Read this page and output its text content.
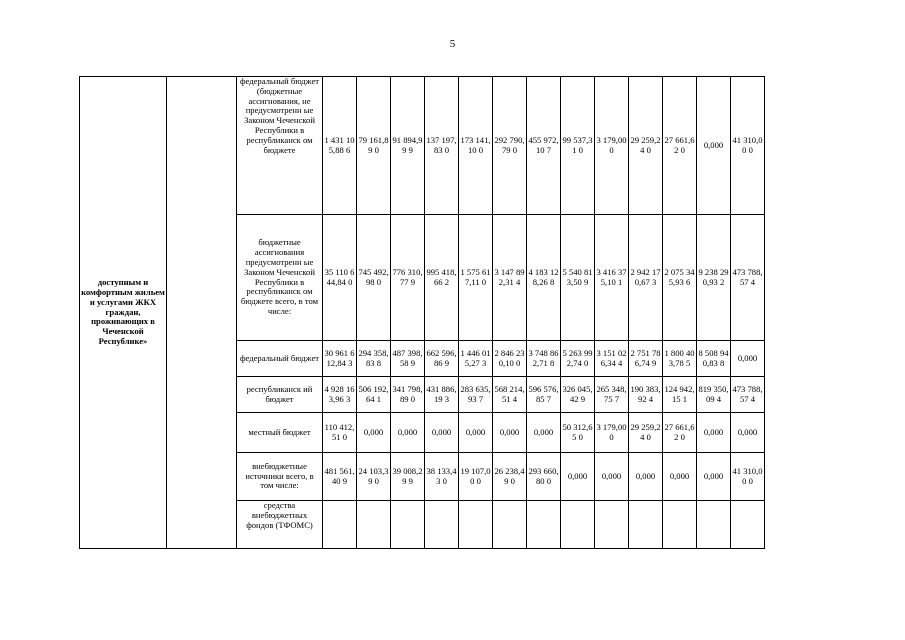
5
доступным и комфортным жильем и услугами ЖКХ граждан, проживающих в Чеченской Республике»		федеральный бюджет (бюджетные ассигнования, не предусмотренн ые Законом Чеченской Республики в республиканск ом бюджете	1 431 105,88 6	79 161,89 0	91 894,99 9	137 197,83 0	173 141,10 0	292 790,79 0	455 972,10 7	99 537,31 0	3 179,00 0	29 259,24 0	27 661,62 0	0,000	41 310,00 0
		бюджетные ассигнования предусмотренн ые Законом Чеченской Республики в республиканск ом бюджете всего, в том числе:	35 110 644,84 0	745 492,98 0	776 310,77 9	995 418,66 2	1 575 617,11 0	3 147 892,31 4	4 183 128,26 8	5 540 813,50 9	3 416 375,10 1	2 942 170,67 3	2 075 345,93 6	9 238 290,93 2	473 788,57 4
		федеральный бюджет	30 961 612,84 3	294 358,83 8	487 398,58 9	662 596,86 9	1 446 015,27 3	2 846 230,10 0	3 748 862,71 8	5 263 992,74 0	3 151 026,34 4	2 751 786,74 9	1 800 403,78 5	8 508 940,83 8	0,000
		республиканск ий бюджет	4 928 163,96 3	506 192,64 1	341 798,89 0	431 886,19 3	283 635,93 7	568 214,51 4	596 576,85 7	326 045,42 9	265 348,75 7	190 383,92 4	124 942,15 1	819 350,09 4	473 788,57 4
		местный бюджет	110 412,51 0	0,000	0,000	0,000	0,000	0,000	0,000	50 312,65 0	3 179,00 0	29 259,24 0	27 661,62 0	0,000	0,000
		внебюджетные источники всего, в том числе:	481 561,40 9	24 103,39 0	39 008,29 9	38 133,43 0	19 107,00 0	26 238,49 0	293 660,80 0	0,000	0,000	0,000	0,000	0,000	41 310,00 0
		средства внебюджетных фондов (ТФОМС)													
